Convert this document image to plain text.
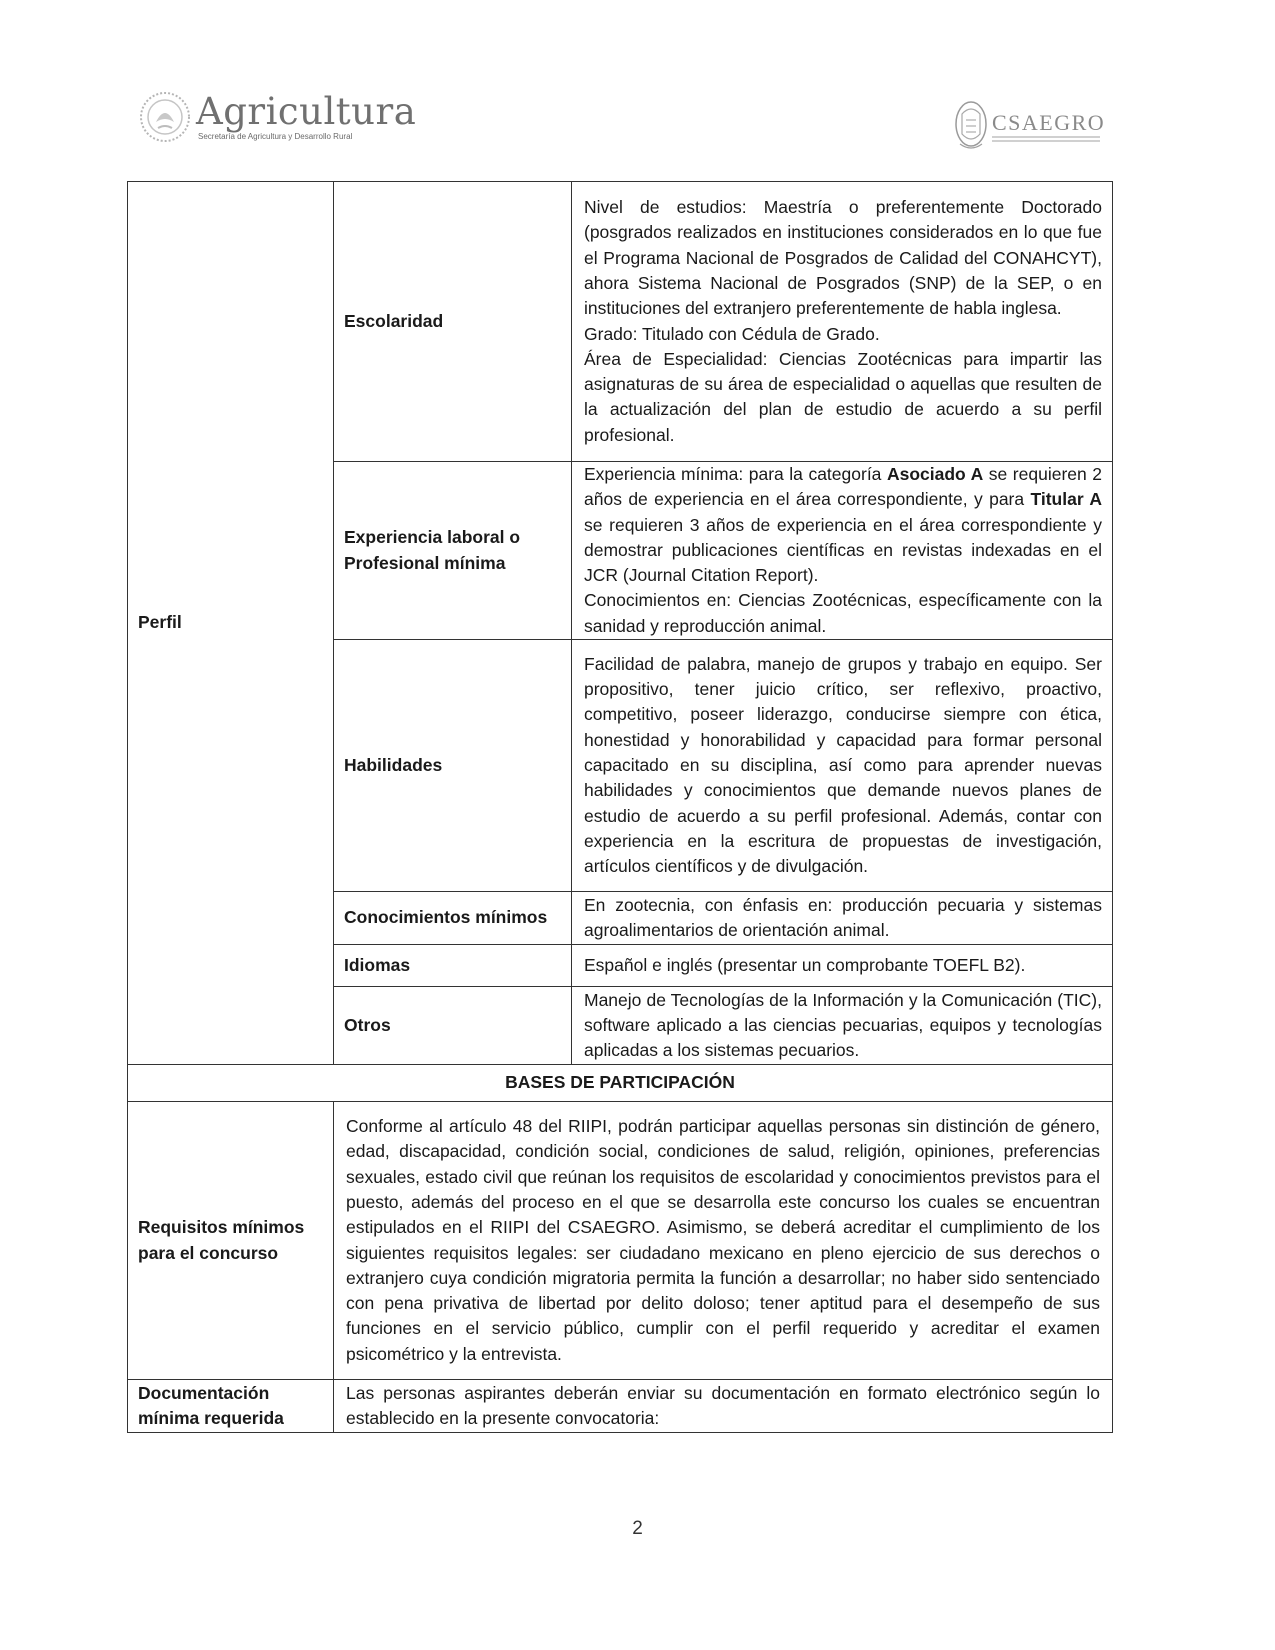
Agricultura
Secretaría de Agricultura y Desarrollo Rural
CSAEGRO
Perfil	Escolaridad	Nivel de estudios: Maestría o preferentemente Doctorado (posgrados realizados en instituciones considerados en lo que fue el Programa Nacional de Posgrados de Calidad del CONAHCYT), ahora Sistema Nacional de Posgrados (SNP) de la SEP, o en instituciones del extranjero preferentemente de habla inglesa.
Grado: Titulado con Cédula de Grado.
Área de Especialidad: Ciencias Zootécnicas para impartir las asignaturas de su área de especialidad o aquellas que resulten de la actualización del plan de estudio de acuerdo a su perfil profesional.

	Experiencia laboral o Profesional mínima	Experiencia mínima: para la categoría Asociado A se requieren 2 años de experiencia en el área correspondiente, y para Titular A se requieren 3 años de experiencia en el área correspondiente y demostrar publicaciones científicas en revistas indexadas en el JCR (Journal Citation Report).
Conocimientos en: Ciencias Zootécnicas, específicamente con la sanidad y reproducción animal.

	Habilidades	Facilidad de palabra, manejo de grupos y trabajo en equipo. Ser propositivo, tener juicio crítico, ser reflexivo, proactivo, competitivo, poseer liderazgo, conducirse siempre con ética, honestidad y honorabilidad y capacidad para formar personal capacitado en su disciplina, así como para aprender nuevas habilidades y conocimientos que demande nuevos planes de estudio de acuerdo a su perfil profesional. Además, contar con experiencia en la escritura de propuestas de investigación, artículos científicos y de divulgación.
	Conocimientos mínimos	En zootecnia, con énfasis en: producción pecuaria y sistemas agroalimentarios de orientación animal.
	Idiomas	Español e inglés (presentar un comprobante TOEFL B2).
	Otros	Manejo de Tecnologías de la Información y la Comunicación (TIC), software aplicado a las ciencias pecuarias, equipos y tecnologías aplicadas a los sistemas pecuarios.
BASES DE PARTICIPACIÓN		
Requisitos mínimos para el concurso	Conforme al artículo 48 del RIIPI, podrán participar aquellas personas sin distinción de género, edad, discapacidad, condición social, condiciones de salud, religión, opiniones, preferencias sexuales, estado civil que reúnan los requisitos de escolaridad y conocimientos previstos para el puesto, además del proceso en el que se desarrolla este concurso los cuales se encuentran estipulados en el RIIPI del CSAEGRO. Asimismo, se deberá acreditar el cumplimiento de los siguientes requisitos legales: ser ciudadano mexicano en pleno ejercicio de sus derechos o extranjero cuya condición migratoria permita la función a desarrollar; no haber sido sentenciado con pena privativa de libertad por delito doloso; tener aptitud para el desempeño de sus funciones en el servicio público, cumplir con el perfil requerido y acreditar el examen psicométrico y la entrevista.	
Documentación mínima requerida	Las personas aspirantes deberán enviar su documentación en formato electrónico según lo establecido en la presente convocatoria:	
2
